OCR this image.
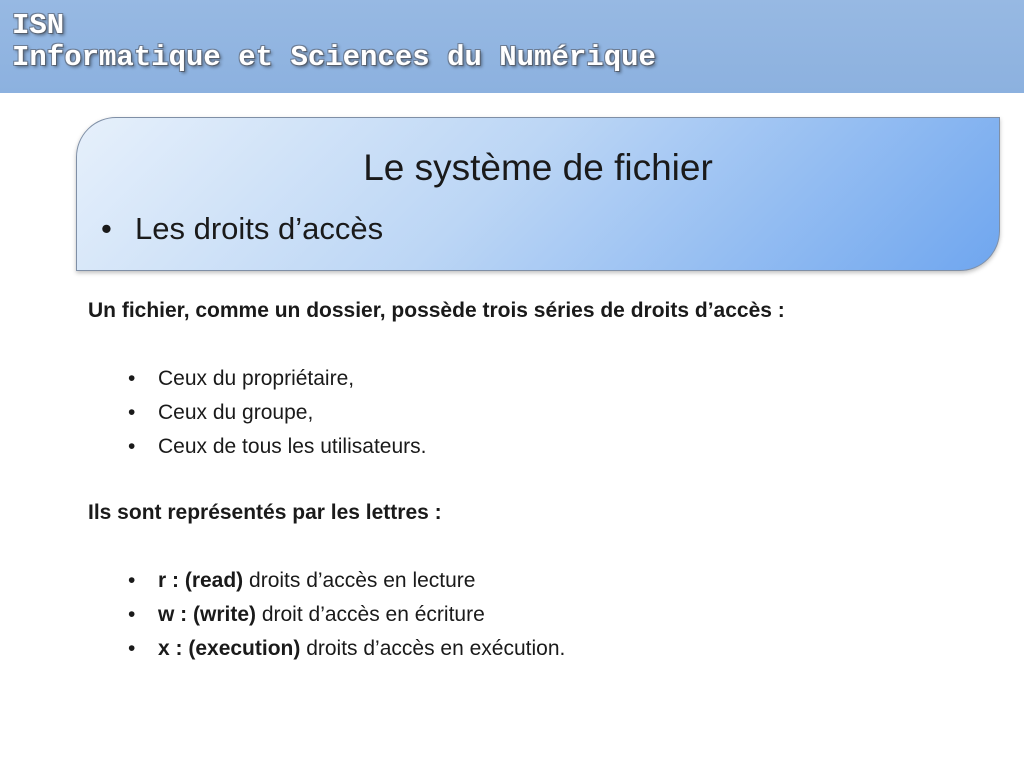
ISN
Informatique et Sciences du Numérique
Le système de fichier
• Les droits d’accès
Un fichier, comme un dossier, possède trois séries de droits d’accès :
• Ceux du propriétaire,
• Ceux du groupe,
• Ceux de tous les utilisateurs.
Ils sont représentés par les lettres :
• r : (read) droits d’accès en lecture
• w : (write) droit d’accès en écriture
• x : (execution) droits d’accès en exécution.
